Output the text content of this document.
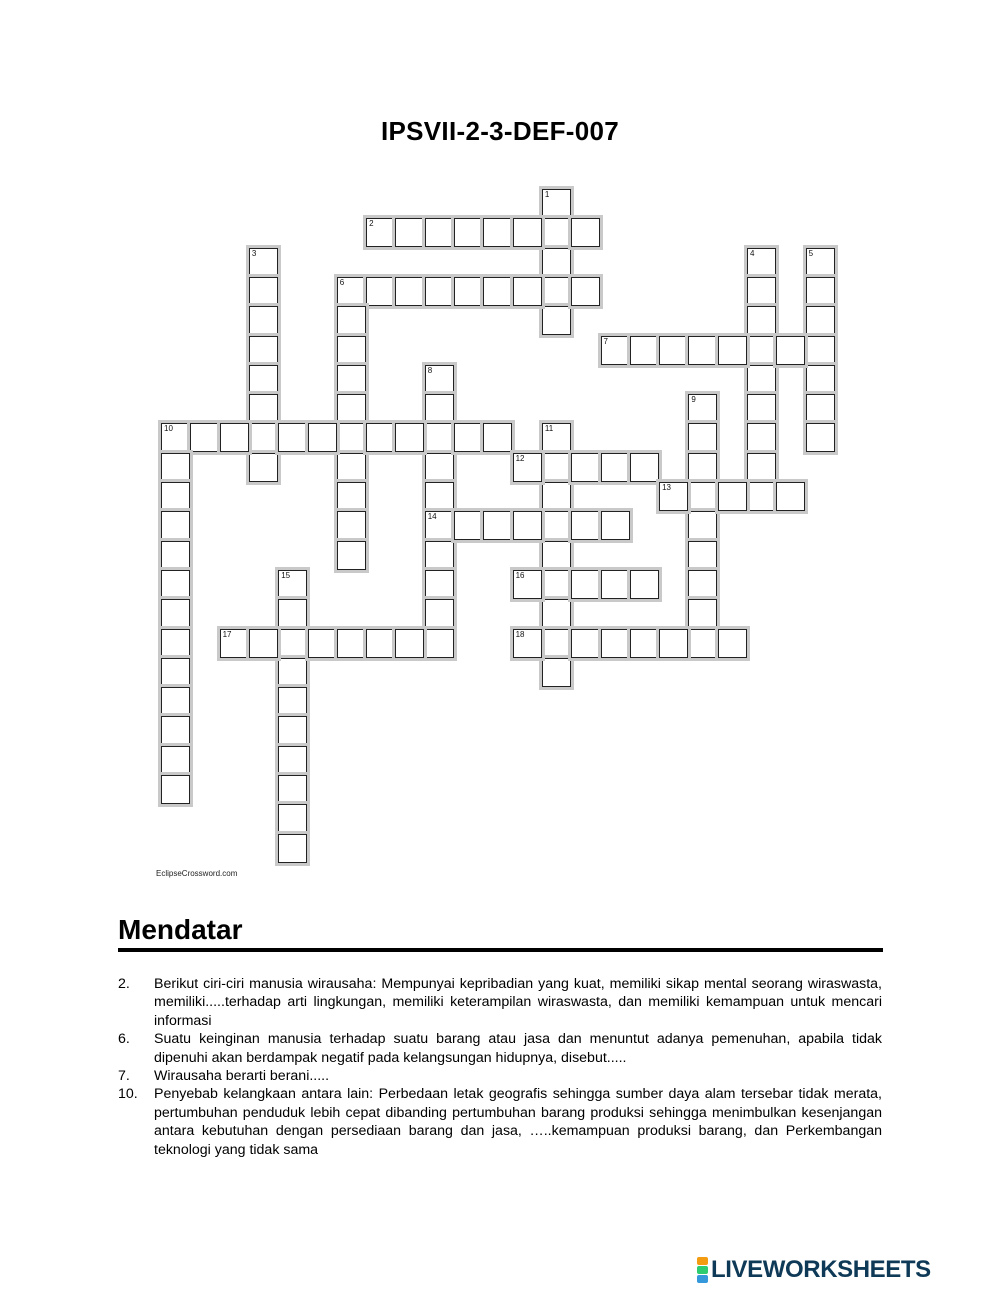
IPSVII-2-3-DEF-007
1
2
3	4	5
6
7
8
14
9
10	11
12
13
15	16
17	18
EclipseCrossword.com
Mendatar
2.	Berikut ciri-ciri manusia wirausaha: Mempunyai kepribadian yang kuat, memiliki sikap mental seorang wiraswasta, memiliki.....terhadap arti lingkungan, memiliki keterampilan wiraswasta, dan memiliki kemampuan untuk mencari informasi
6.	Suatu keinginan manusia terhadap suatu barang atau jasa dan menuntut adanya pemenuhan, apabila tidak dipenuhi akan berdampak negatif pada kelangsungan hidupnya, disebut.....
7.	Wirausaha berarti berani.....
10.	Penyebab kelangkaan antara lain: Perbedaan letak geografis sehingga sumber daya alam tersebar tidak merata, pertumbuhan penduduk lebih cepat dibanding pertumbuhan barang produksi sehingga menimbulkan kesenjangan antara kebutuhan dengan persediaan barang dan jasa, …..kemampuan produksi barang, dan Perkembangan teknologi yang tidak sama
LIVEWORKSHEETS
